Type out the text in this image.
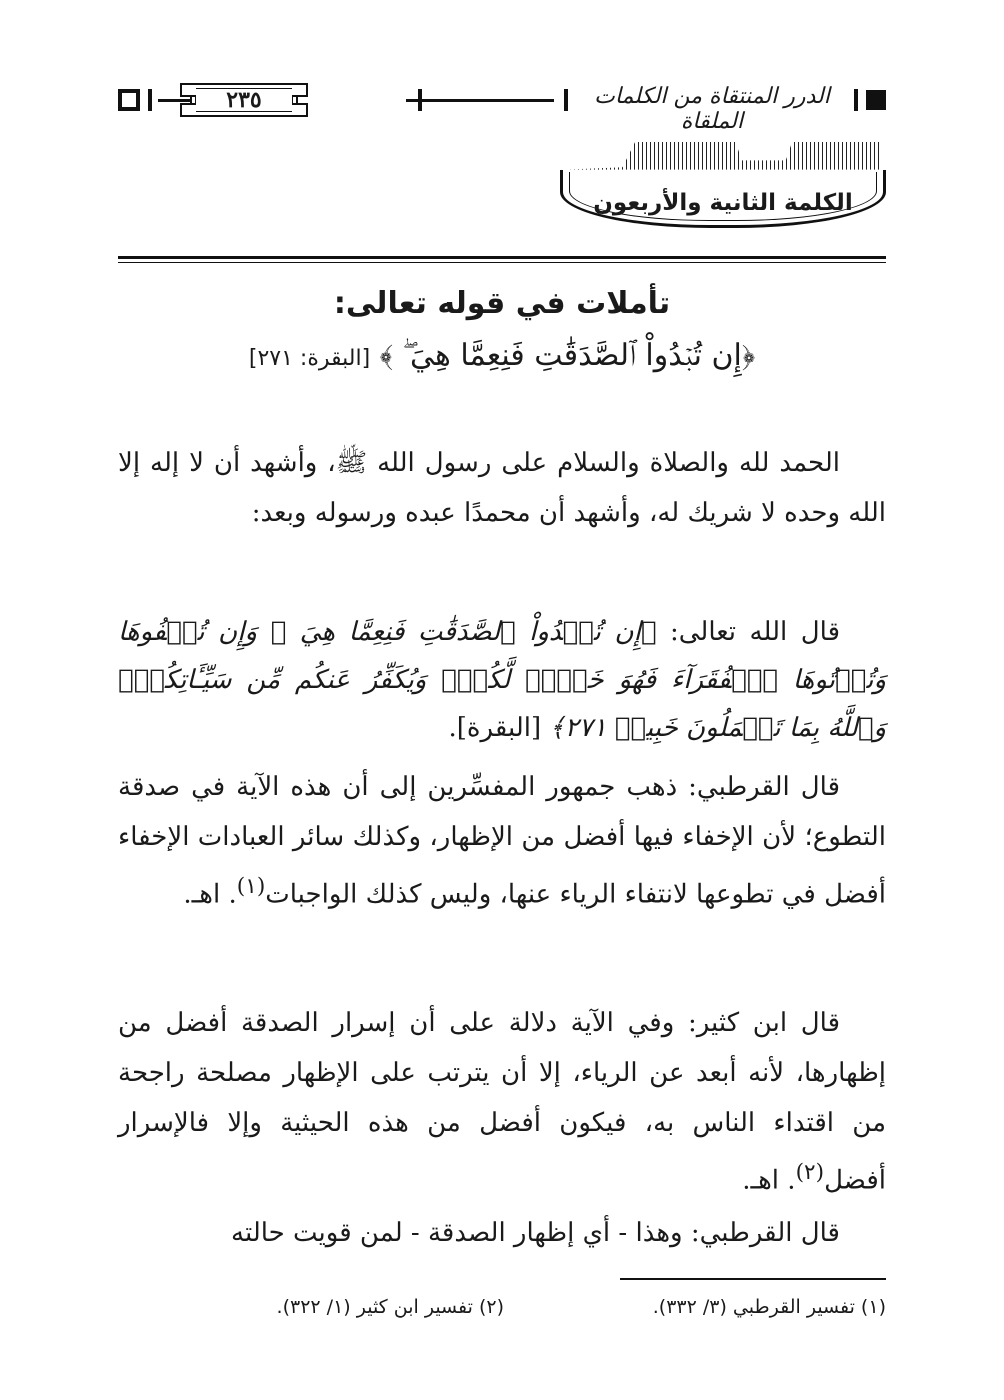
٢٣٥	الدرر المنتقاة من الكلمات الملقاة
الكلمة الثانية والأربعون
تأملات في قوله تعالى:
﴿إِن تُبۡدُواْ ٱلصَّدَقَٰتِ فَنِعِمَّا هِيَ ۖ ﴾ [البقرة: ٢٧١]
الحمد لله والصلاة والسلام على رسول الله ﷺ، وأشهد أن لا إله إلا الله وحده لا شريك له، وأشهد أن محمدًا عبده ورسوله وبعد:
قال الله تعالى: ﴿إِن تُبۡدُواْ ٱلصَّدَقَٰتِ فَنِعِمَّا هِيَ ۖ وَإِن تُخۡفُوهَا وَتُؤۡتُوهَا ٱلۡفُقَرَآءَ فَهُوَ خَيۡرٞ لَّكُمۡۚ وَيُكَفِّرُ عَنكُم مِّن سَيِّـَٔاتِكُمۡۗ وَٱللَّهُ بِمَا تَعۡمَلُونَ خَبِيرٞ ٢٧١﴾ [البقرة].
قال القرطبي: ذهب جمهور المفسِّرين إلى أن هذه الآية في صدقة التطوع؛ لأن الإخفاء فيها أفضل من الإظهار، وكذلك سائر العبادات الإخفاء أفضل في تطوعها لانتفاء الرياء عنها، وليس كذلك الواجبات$^{(١)}$. اهـ.
قال ابن كثير: وفي الآية دلالة على أن إسرار الصدقة أفضل من إظهارها، لأنه أبعد عن الرياء، إلا أن يترتب على الإظهار مصلحة راجحة من اقتداء الناس به، فيكون أفضل من هذه الحيثية وإلا فالإسرار أفضل$^{(٢)}$. اهـ.
قال القرطبي: وهذا - أي إظهار الصدقة - لمن قويت حالته
(١) تفسير القرطبي (٣/ ٣٣٢).
(٢) تفسير ابن كثير (١/ ٣٢٢).
